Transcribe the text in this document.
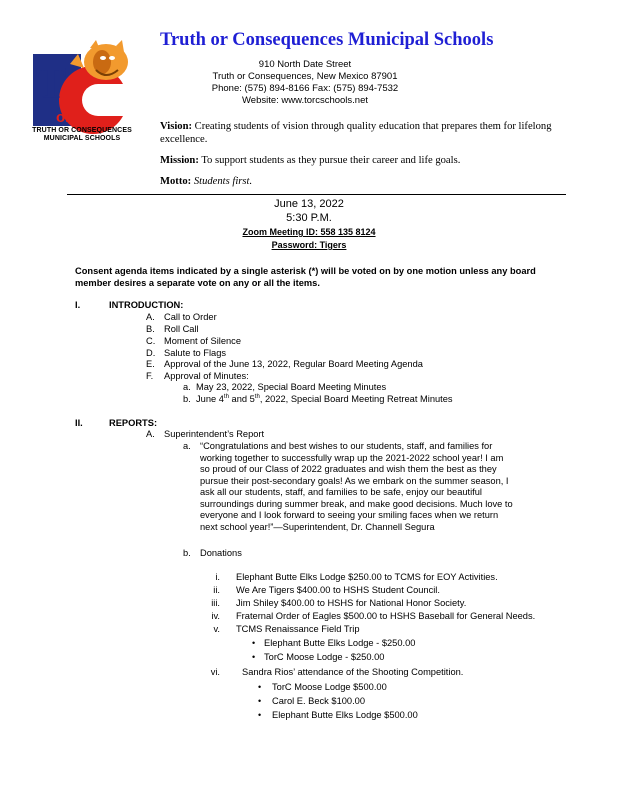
T
or	C
TRUTH OR CONSEQUENCES
MUNICIPAL SCHOOLS
Truth or Consequences Municipal Schools
910 North Date Street
Truth or Consequences, New Mexico 87901
Phone: (575) 894-8166 Fax: (575) 894-7532
Website: www.torcschools.net
Vision: Creating students of vision through quality education that prepares them for lifelong excellence.
Mission: To support students as they pursue their career and life goals.
Motto: Students first.
June 13, 2022
5:30 P.M.
Zoom Meeting ID: 558 135 8124
Password: Tigers
Consent agenda items indicated by a single asterisk (*) will be voted on by one motion unless any board member desires a separate vote on any or all the items.
I.	INTRODUCTION:
A. Call to Order
B. Roll Call
C. Moment of Silence
D. Salute to Flags
E. Approval of the June 13, 2022, Regular Board Meeting Agenda
F. Approval of Minutes:
a. May 23, 2022, Special Board Meeting Minutes
b. June 4th and 5th, 2022, Special Board Meeting Retreat Minutes
II.	REPORTS:
A. Superintendent’s Report
a. “Congratulations and best wishes to our students, staff, and families for
working together to successfully wrap up the 2021-2022 school year! I am
so proud of our Class of 2022 graduates and wish them the best as they
pursue their post-secondary goals! As we embark on the summer season, I
ask all our students, staff, and families to be safe, enjoy our beautiful
surroundings during summer break, and make good decisions. Much love to
everyone and I look forward to seeing your smiling faces when we return
next school year!”—Superintendent, Dr. Channell Segura
b. Donations
i. Elephant Butte Elks Lodge $250.00 to TCMS for EOY Activities.
ii. We Are Tigers $400.00 to HSHS Student Council.
iii. Jim Shiley $400.00 to HSHS for National Honor Society.
iv. Fraternal Order of Eagles $500.00 to HSHS Baseball for General Needs.
v. TCMS Renaissance Field Trip
• Elephant Butte Elks Lodge - $250.00
• TorC Moose Lodge - $250.00
vi. Sandra Rios’ attendance of the Shooting Competition.
• TorC Moose Lodge $500.00
• Carol E. Beck $100.00
• Elephant Butte Elks Lodge $500.00
